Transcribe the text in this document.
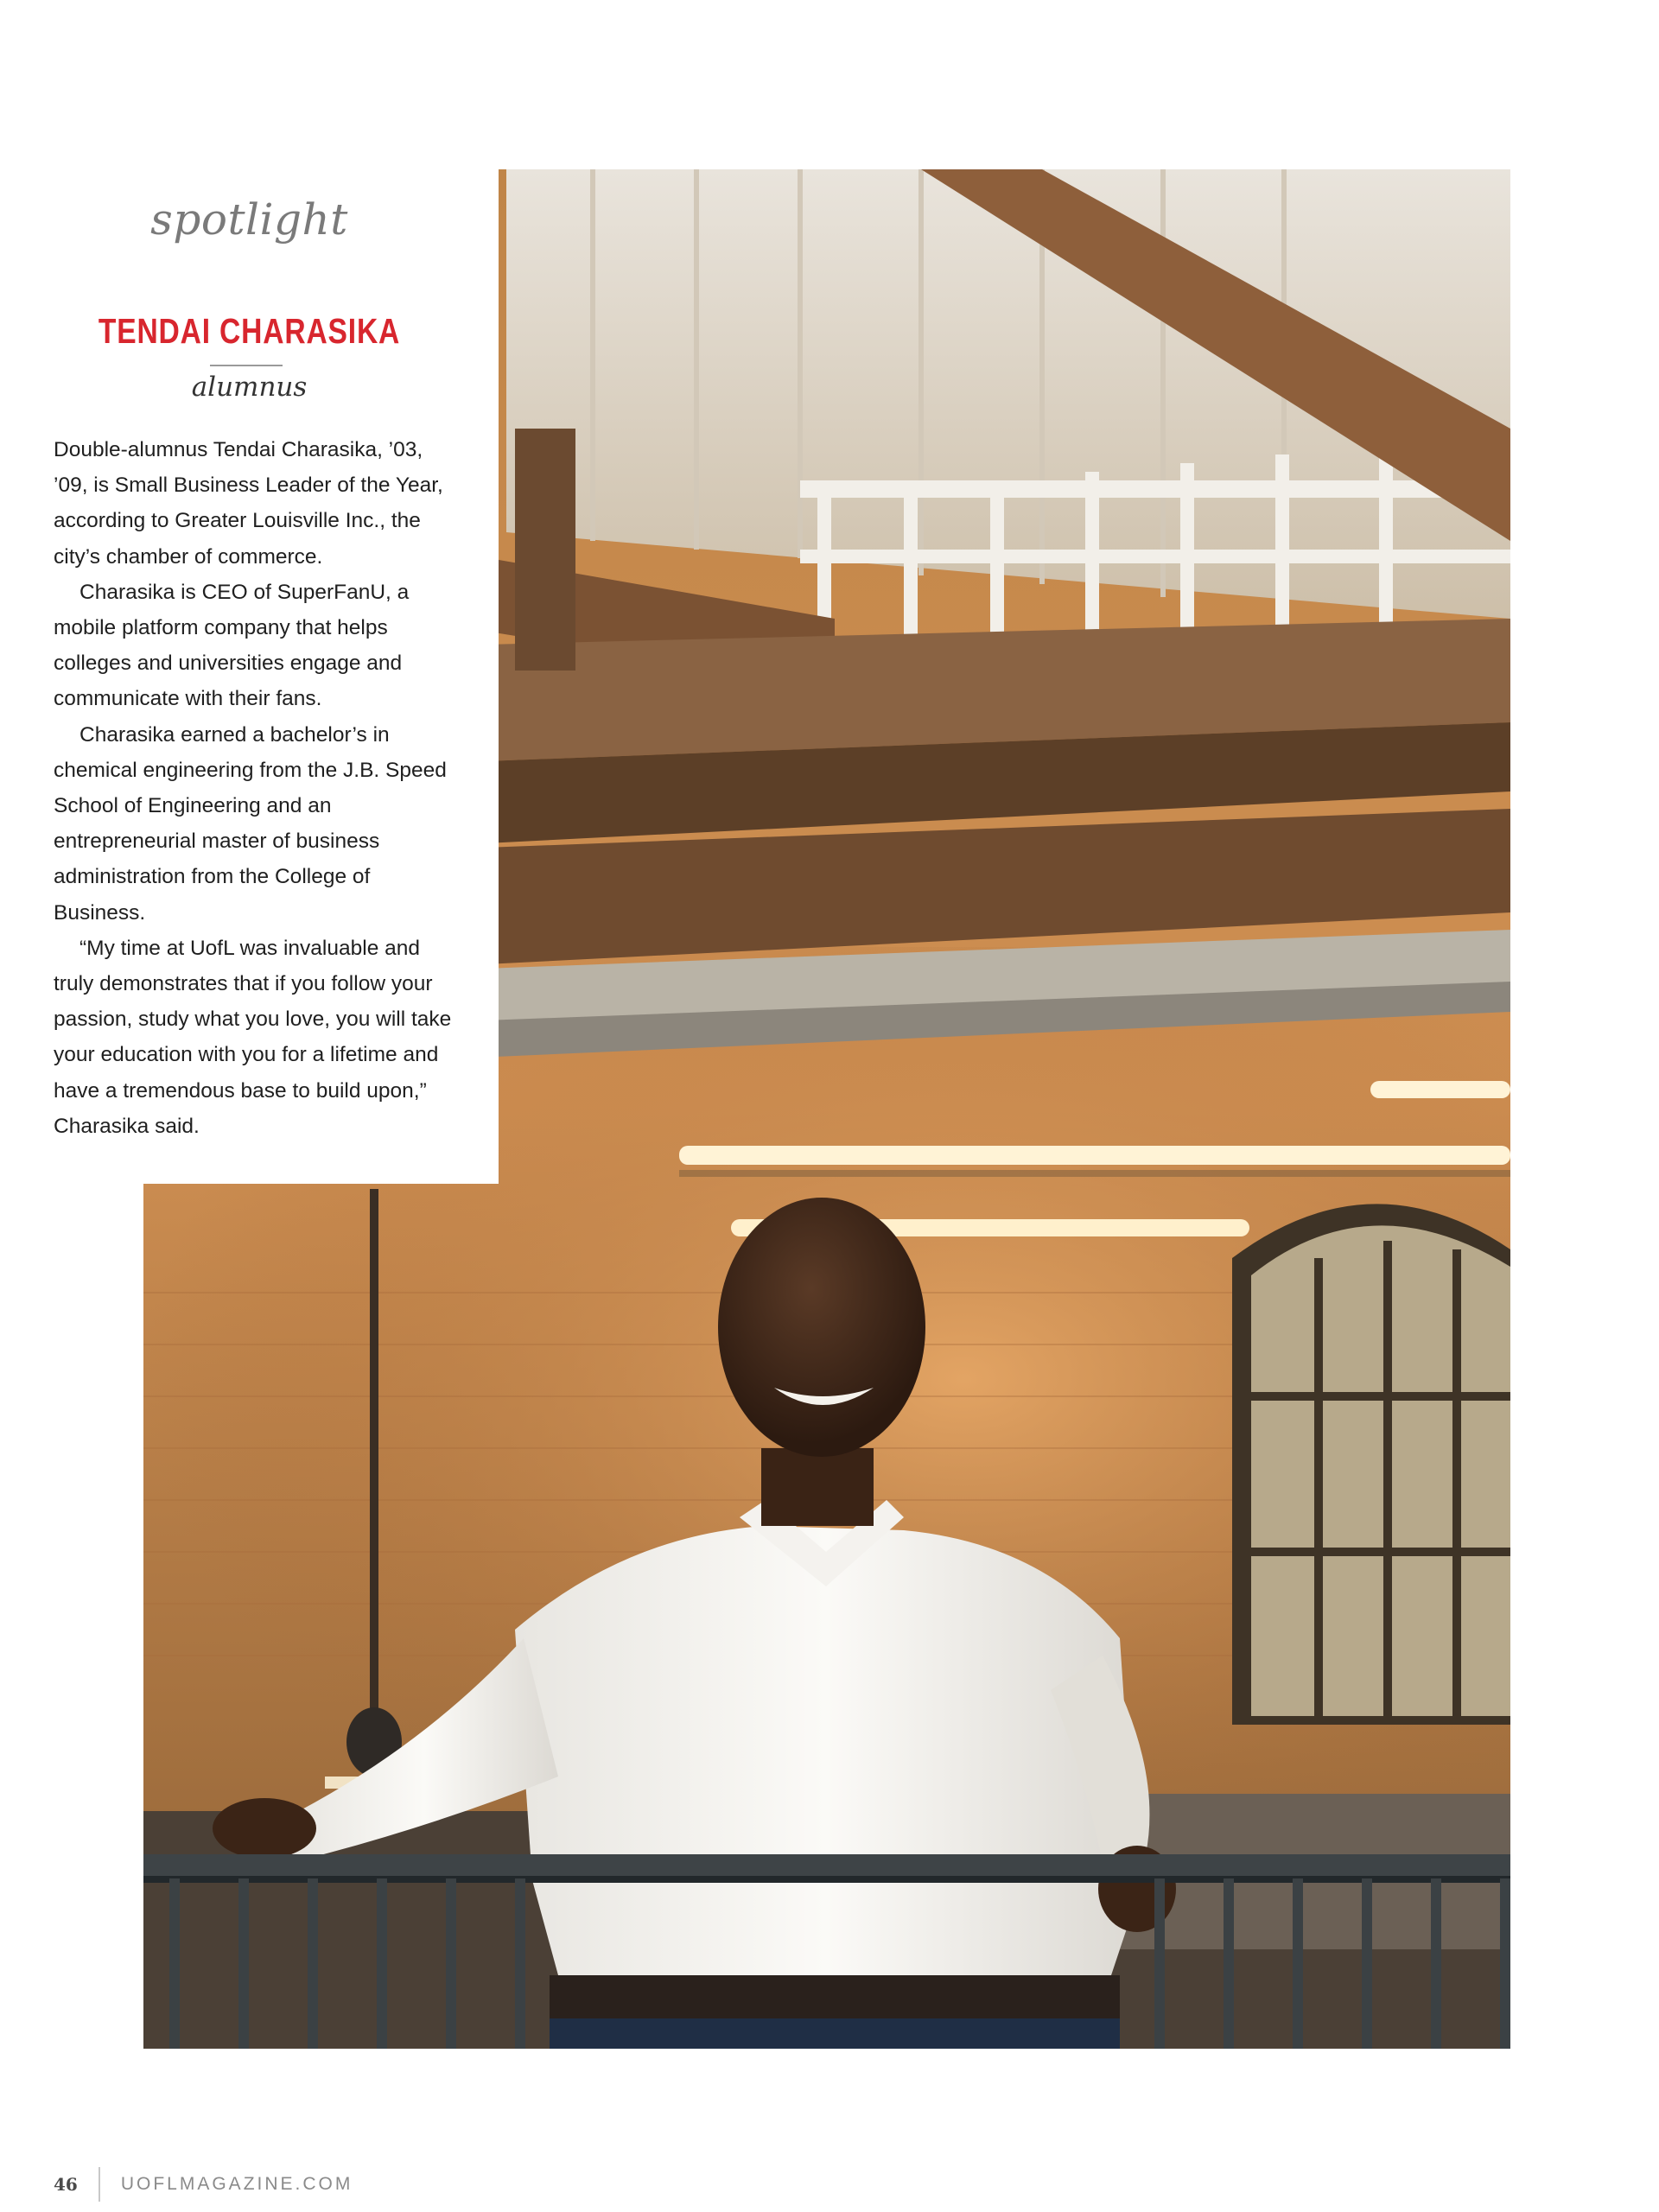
spotlight
TENDAI CHARASIKA
alumnus

Double-alumnus Tendai Charasika, ’03, ’09, is Small Business Leader of the Year, according to Greater Louisville Inc., the city’s chamber of commerce.

Charasika is CEO of SuperFanU, a mobile platform company that helps colleges and universities engage and communicate with their fans.

Charasika earned a bachelor’s in chemical engineering from the J.B. Speed School of Engineering and an entrepreneurial master of business administration from the College of Business.

“My time at UofL was invaluable and truly demonstrates that if you follow your passion, study what you love, you will take your education with you for a lifetime and have a tremendous base to build upon,” Charasika said.

46 UOFLMAGAZINE.COM
